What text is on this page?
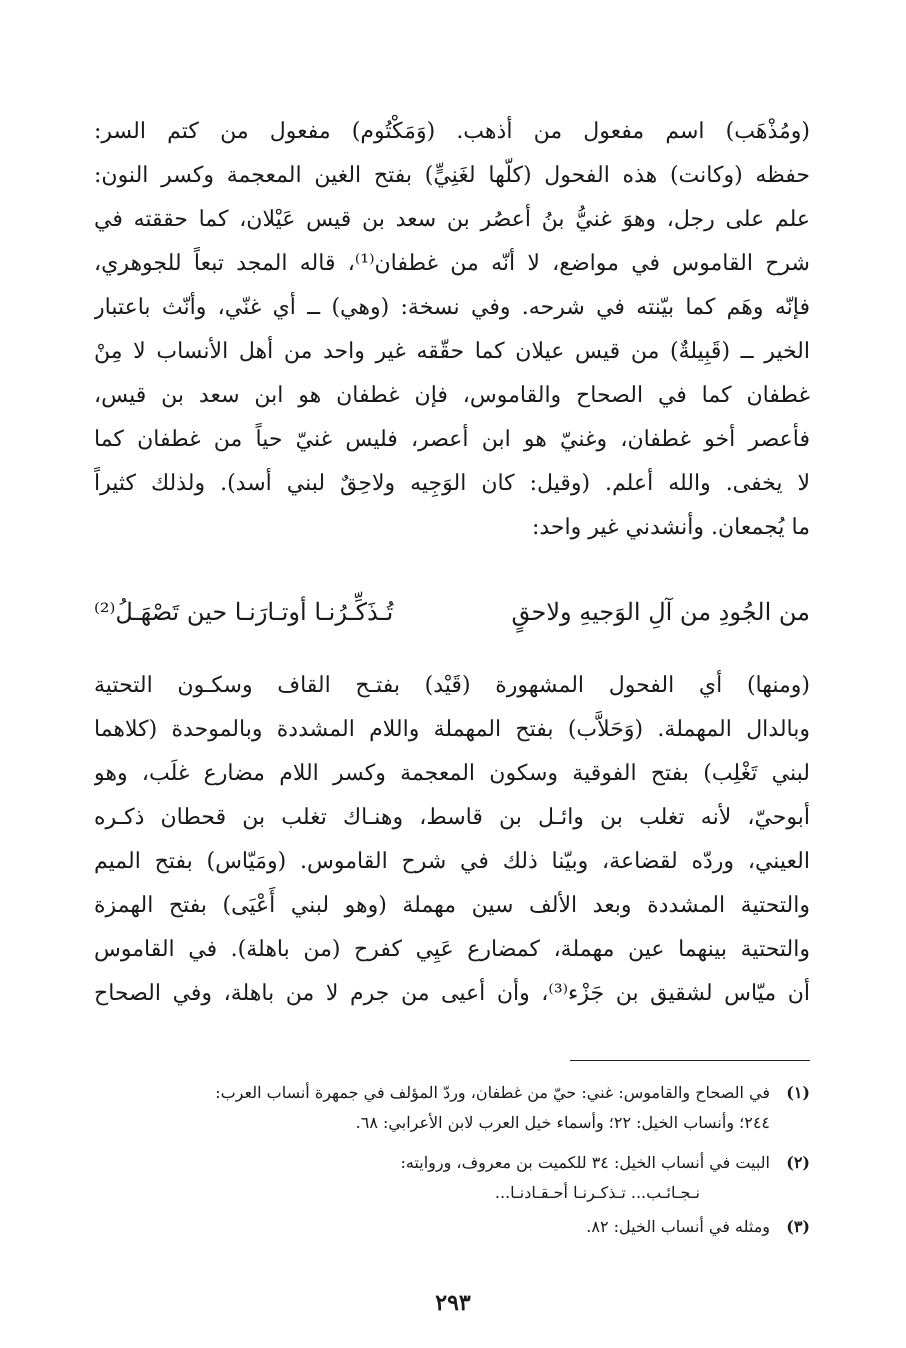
(ومُذْهَب) اسم مفعول من أذهب. (وَمَكْتُوم) مفعول من كتم السر:
حفظه (وكانت) هذه الفحول (كلّها لغَنِيٍّ) بفتح الغين المعجمة وكسر النون:
علم على رجل، وهوَ غنيُّ بنُ أعصُر بن سعد بن قيس عَيْلان، كما حققته في
شرح القاموس في مواضع، لا أنّه من غطفان⁽¹⁾، قاله المجد تبعاً للجوهري،
فإنّه وهَم كما بيّنته في شرحه. وفي نسخة: (وهي) ــ أي غنّي، وأنّث باعتبار
الخير ــ (قَبِيلةٌ) من قيس عيلان كما حقّقه غير واحد من أهل الأنساب لا مِنْ
غطفان كما في الصحاح والقاموس، فإن غطفان هو ابن سعد بن قيس،
فأعصر أخو غطفان، وغنيّ هو ابن أعصر، فليس غنيّ حياً من غطفان كما
لا يخفى. والله أعلم. (وقيل: كان الوَجِيه ولاحِقٌ لبني أسد). ولذلك كثيراً
ما يُجمعان. وأنشدني غير واحد:
من الجُودِ من آلِ الوَجيهِ ولاحقٍ
تُـذَكِّـرُنـا أوتـارَنـا حين تَصْهَـلُ⁽²⁾
(ومنها) أي الفحول المشهورة (قَيْد) بفتـح القاف وسكـون التحتية
وبالدال المهملة. (وَحَلاَّب) بفتح المهملة واللام المشددة وبالموحدة (كلاهما
لبني تَغْلِب) بفتح الفوقية وسكون المعجمة وكسر اللام مضارع غلَب، وهو
أبوحيّ، لأنه تغلب بن وائـل بن قاسط، وهنـاك تغلب بن قحطان ذكـره
العيني، وردّه لقضاعة، وبيّنا ذلك في شرح القاموس. (ومَيّاس) بفتح الميم
والتحتية المشددة وبعد الألف سين مهملة (وهو لبني أَعْيَى) بفتح الهمزة
والتحتية بينهما عين مهملة، كمضارع عَيِي كفرح (من باهلة). في القاموس
أن ميّاس لشقيق بن جَزْء⁽³⁾، وأن أعيى من جرم لا من باهلة، وفي الصحاح
(١)في الصحاح والقاموس: غني: حيّ من غطفان، وردّ المؤلف في جمهرة أنساب العرب:
٢٤٤؛ وأنساب الخيل: ٢٢؛ وأسماء خيل العرب لابن الأعرابي: ٦٨.
(٢)البيت في أنساب الخيل: ٣٤ للكميت بن معروف، وروايته:
نـجـائـب... تـذكـرنـا أحـقـادنـا...
(٣)ومثله في أنساب الخيل: ٨٢.
٢٩٣
